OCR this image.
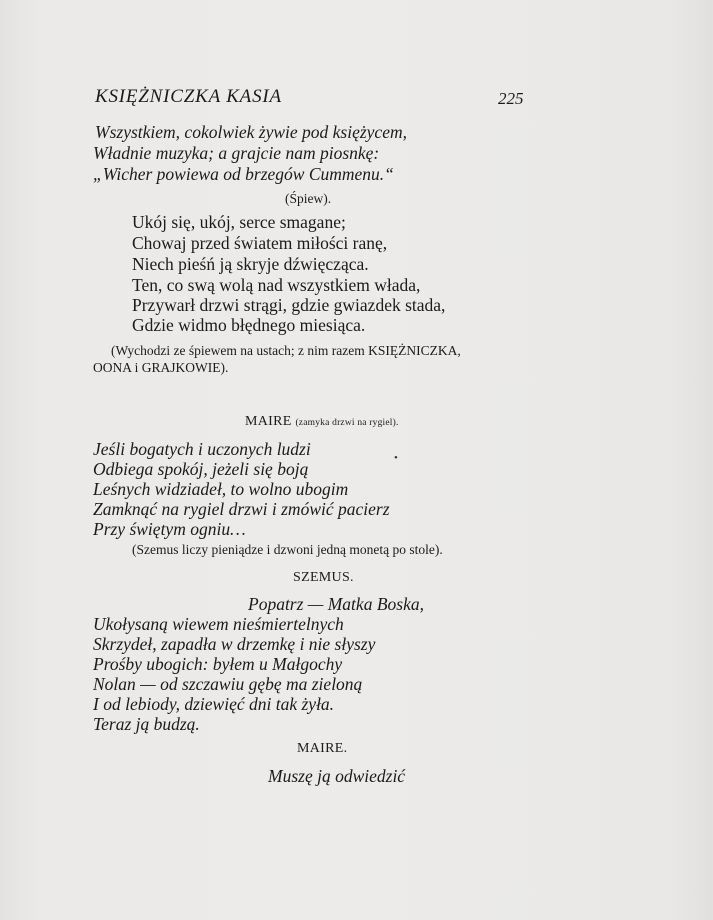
KSIĘŻNICZKA KASIA	225
Wszystkiem, cokolwiek żywie pod księżycem,
Władnie muzyka; a grajcie nam piosnkę:
„Wicher powiewa od brzegów Cummenu.“
(Śpiew).
Ukój się, ukój, serce smagane;
Chowaj przed światem miłości ranę,
Niech pieśń ją skryje dźwięcząca.
Ten, co swą wolą nad wszystkiem włada,
Przywarł drzwi strągi, gdzie gwiazdek stada,
Gdzie widmo błędnego miesiąca.
(Wychodzi ze śpiewem na ustach; z nim razem KSIĘŻNICZKA,
OONA i GRAJKOWIE).
MAIRE (zamyka drzwi na rygiel).
Jeśli bogatych i uczonych ludzi
Odbiega spokój, jeżeli się boją
Leśnych widziadeł, to wolno ubogim
Zamknąć na rygiel drzwi i zmówić pacierz
Przy świętym ogniu…
(Szemus liczy pieniądze i dzwoni jedną monetą po stole).
SZEMUS.
Popatrz — Matka Boska,
Ukołysaną wiewem nieśmiertelnych
Skrzydeł, zapadła w drzemkę i nie słyszy
Prośby ubogich: byłem u Małgochy
Nolan — od szczawiu gębę ma zieloną
I od lebiody, dziewięć dni tak żyła.
Teraz ją budzą.
MAIRE.
Muszę ją odwiedzić
•
